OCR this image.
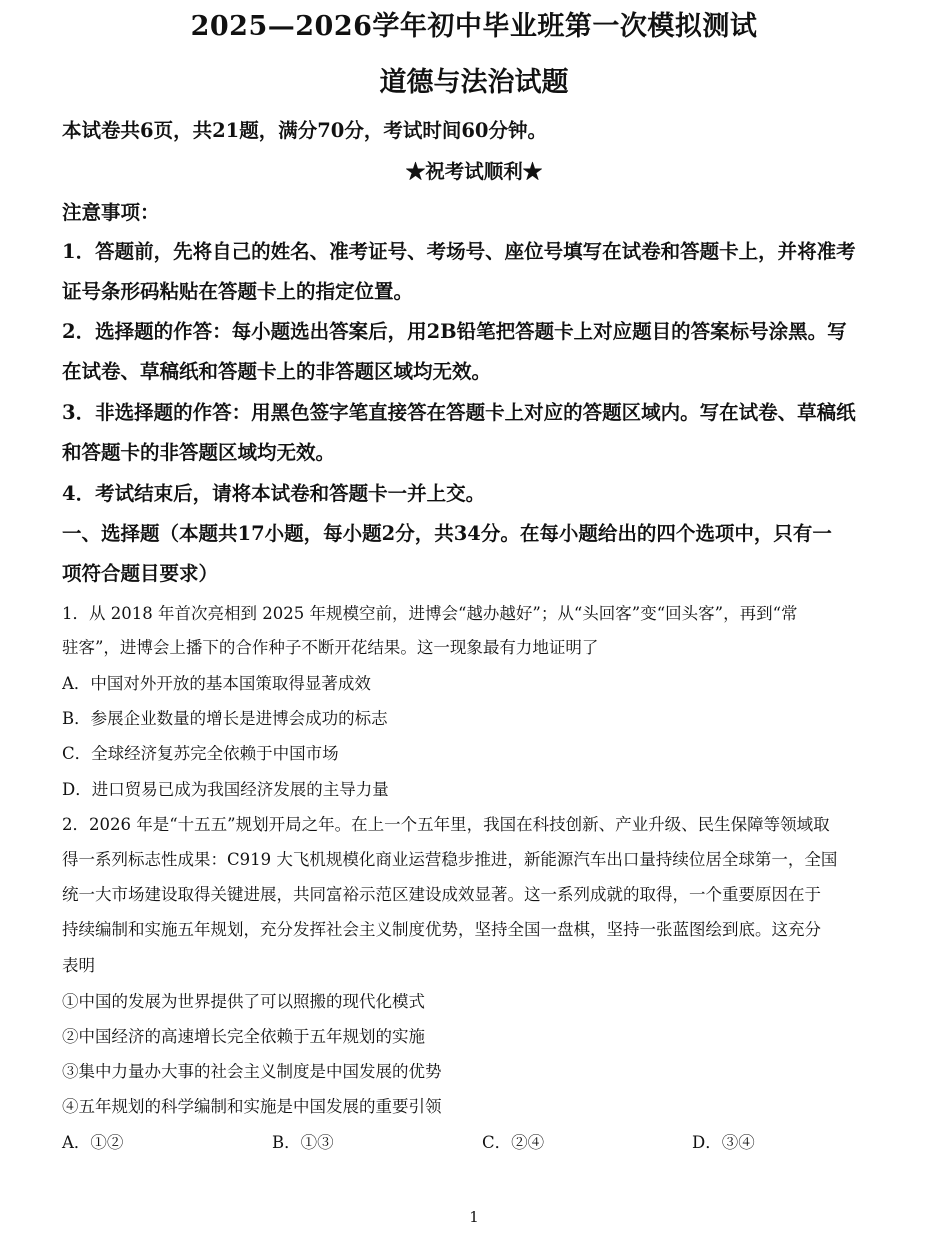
2025—2026学年初中毕业班第一次模拟测试
道德与法治试题
本试卷共6页，共21题，满分70分，考试时间60分钟。
★祝考试顺利★
注意事项：
1．答题前，先将自己的姓名、准考证号、考场号、座位号填写在试卷和答题卡上，并将准考
证号条形码粘贴在答题卡上的指定位置。
2．选择题的作答：每小题选出答案后，用2B铅笔把答题卡上对应题目的答案标号涂黑。写
在试卷、草稿纸和答题卡上的非答题区域均无效。
3．非选择题的作答：用黑色签字笔直接答在答题卡上对应的答题区域内。写在试卷、草稿纸
和答题卡的非答题区域均无效。
4．考试结束后，请将本试卷和答题卡一并上交。
一、选择题（本题共17小题，每小题2分，共34分。在每小题给出的四个选项中，只有一
项符合题目要求）
1．从 2018 年首次亮相到 2025 年规模空前，进博会“越办越好”；从“头回客”变“回头客”，再到“常
驻客”，进博会上播下的合作种子不断开花结果。这一现象最有力地证明了
A．中国对外开放的基本国策取得显著成效
B．参展企业数量的增长是进博会成功的标志
C．全球经济复苏完全依赖于中国市场
D．进口贸易已成为我国经济发展的主导力量
2．2026 年是“十五五”规划开局之年。在上一个五年里，我国在科技创新、产业升级、民生保障等领域取
得一系列标志性成果：C919 大飞机规模化商业运营稳步推进，新能源汽车出口量持续位居全球第一，全国
统一大市场建设取得关键进展，共同富裕示范区建设成效显著。这一系列成就的取得，一个重要原因在于
持续编制和实施五年规划，充分发挥社会主义制度优势，坚持全国一盘棋，坚持一张蓝图绘到底。这充分
表明
①中国的发展为世界提供了可以照搬的现代化模式
②中国经济的高速增长完全依赖于五年规划的实施
③集中力量办大事的社会主义制度是中国发展的优势
④五年规划的科学编制和实施是中国发展的重要引领
A．①②	B．①③	C．②④	D．③④
1
